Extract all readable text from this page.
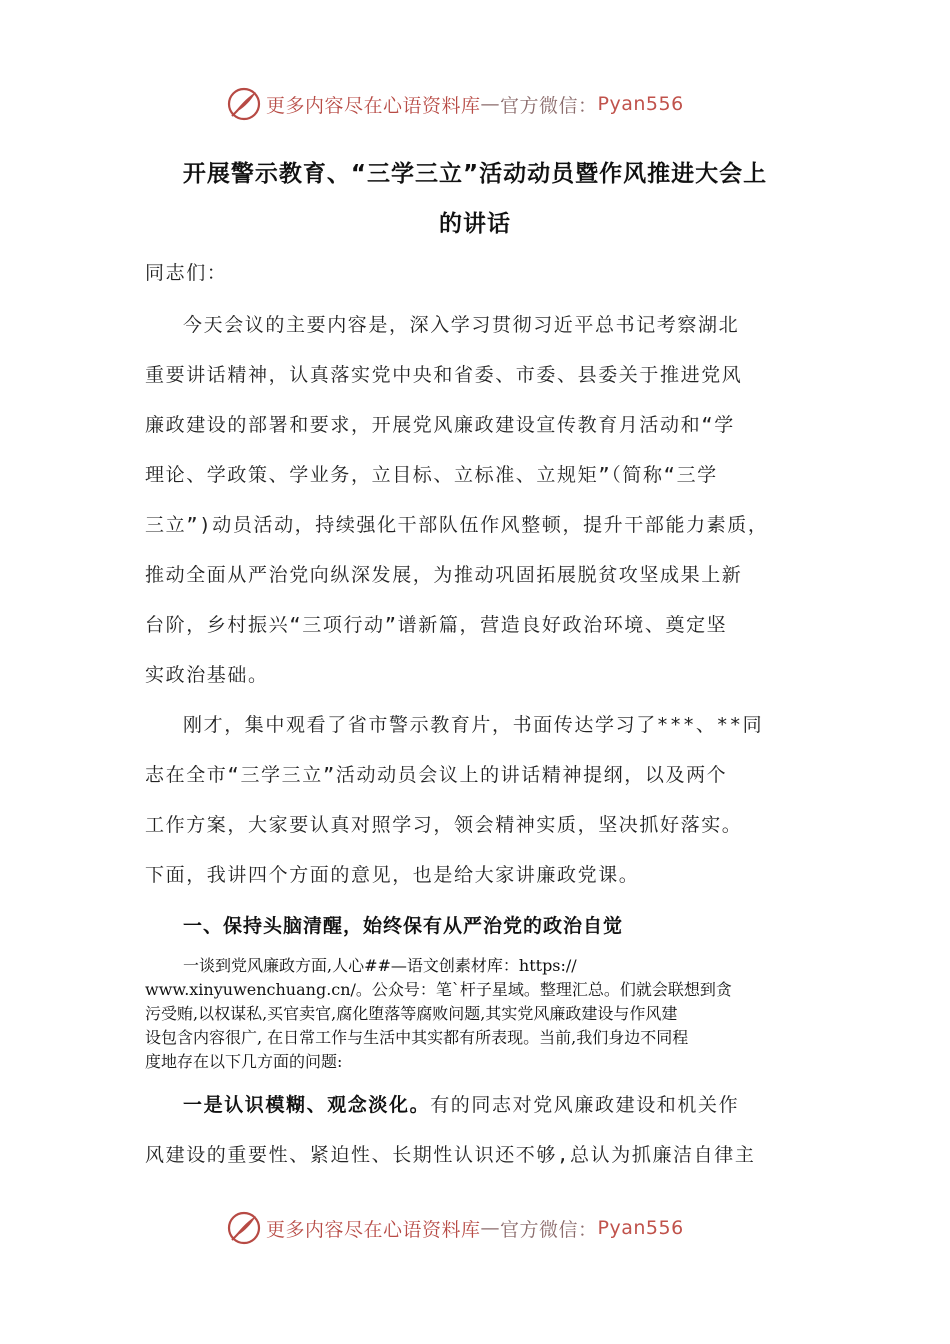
更多内容尽在心语资料库 — 官方微信： Pyan556
开展警示教育、“三学三立”活动动员暨作风推进大会上
的讲话
同志们：
今天会议的主要内容是，深入学习贯彻习近平总书记考察湖北
重要讲话精神，认真落实党中央和省委、市委、县委关于推进党风
廉政建设的部署和要求，开展党风廉政建设宣传教育月活动和“学
理论、学政策、学业务，立目标、立标准、立规矩”（简称“三学
三立”)动员活动，持续强化干部队伍作风整顿，提升干部能力素质，
推动全面从严治党向纵深发展，为推动巩固拓展脱贫攻坚成果上新
台阶，乡村振兴“三项行动”谱新篇，营造良好政治环境、奠定坚
实政治基础。
刚才，集中观看了省市警示教育片，书面传达学习了***、**同
志在全市“三学三立”活动动员会议上的讲话精神提纲，以及两个
工作方案，大家要认真对照学习，领会精神实质，坚决抓好落实。
下面，我讲四个方面的意见，也是给大家讲廉政党课。
一、保持头脑清醒，始终保有从严治党的政治自觉
一谈到党风廉政方面,人心##—语文创素材库：https://
www.xinyuwenchuang.cn/。公众号：笔`杆子星域。整理汇总。们就会联想到贪
污受贿,以权谋私,买官卖官,腐化堕落等腐败问题,其实党风廉政建设与作风建
设包含内容很广, 在日常工作与生活中其实都有所表现。当前,我们身边不同程
度地存在以下几方面的问题:
一是认识模糊、观念淡化。有的同志对党风廉政建设和机关作
风建设的重要性、紧迫性、长期性认识还不够,总认为抓廉洁自律主
更多内容尽在心语资料库 — 官方微信： Pyan556
